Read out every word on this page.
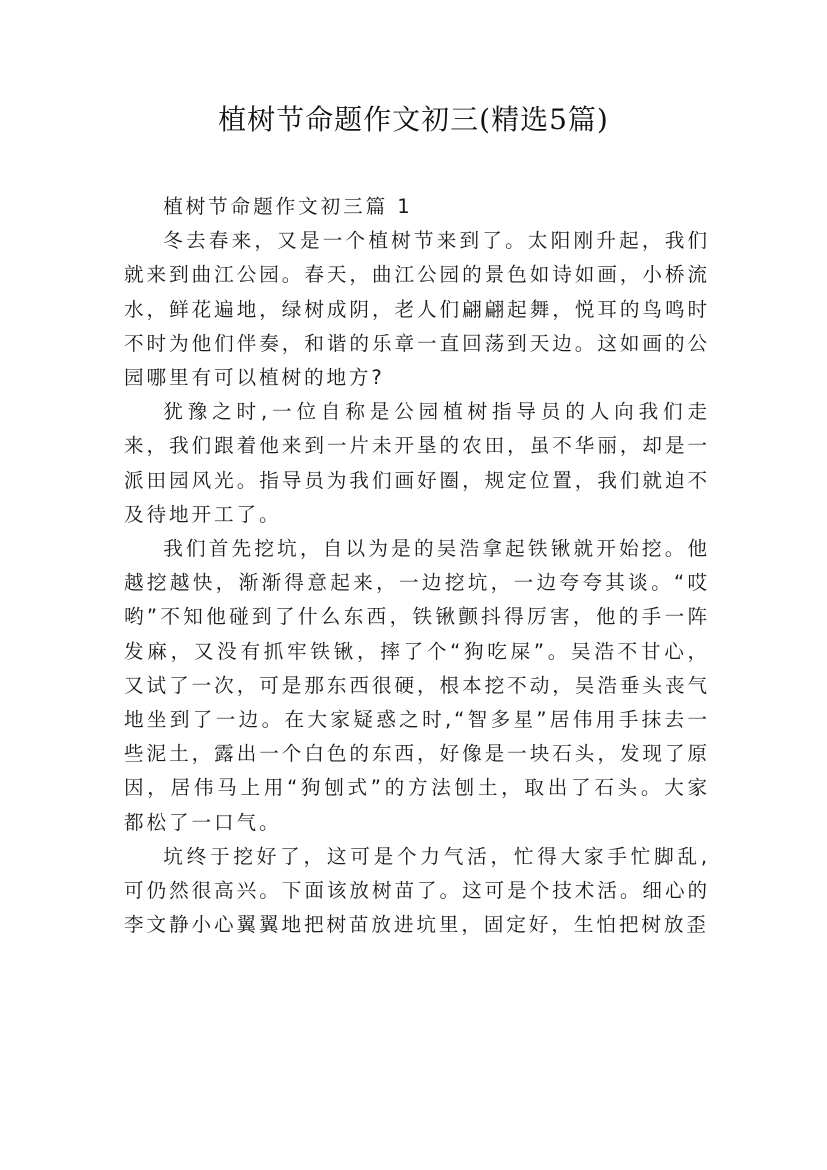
植树节命题作文初三(精选5篇)

植树节命题作文初三篇 1

冬去春来，又是一个植树节来到了。太阳刚升起，我们就来到曲江公园。春天，曲江公园的景色如诗如画，小桥流水，鲜花遍地，绿树成阴，老人们翩翩起舞，悦耳的鸟鸣时不时为他们伴奏，和谐的乐章一直回荡到天边。这如画的公园哪里有可以植树的地方?

犹豫之时,一位自称是公园植树指导员的人向我们走来，我们跟着他来到一片未开垦的农田，虽不华丽，却是一派田园风光。指导员为我们画好圈，规定位置，我们就迫不及待地开工了。

我们首先挖坑，自以为是的吴浩拿起铁锹就开始挖。他越挖越快，渐渐得意起来，一边挖坑，一边夸夸其谈。“哎哟”不知他碰到了什么东西，铁锹颤抖得厉害，他的手一阵发麻，又没有抓牢铁锹，摔了个“狗吃屎”。吴浩不甘心，又试了一次，可是那东西很硬，根本挖不动，吴浩垂头丧气地坐到了一边。在大家疑惑之时,“智多星”居伟用手抹去一些泥土，露出一个白色的东西，好像是一块石头，发现了原因，居伟马上用“狗刨式”的方法刨土，取出了石头。大家都松了一口气。

坑终于挖好了，这可是个力气活，忙得大家手忙脚乱,可仍然很高兴。下面该放树苗了。这可是个技术活。细心的李文静小心翼翼地把树苗放进坑里，固定好，生怕把树放歪
